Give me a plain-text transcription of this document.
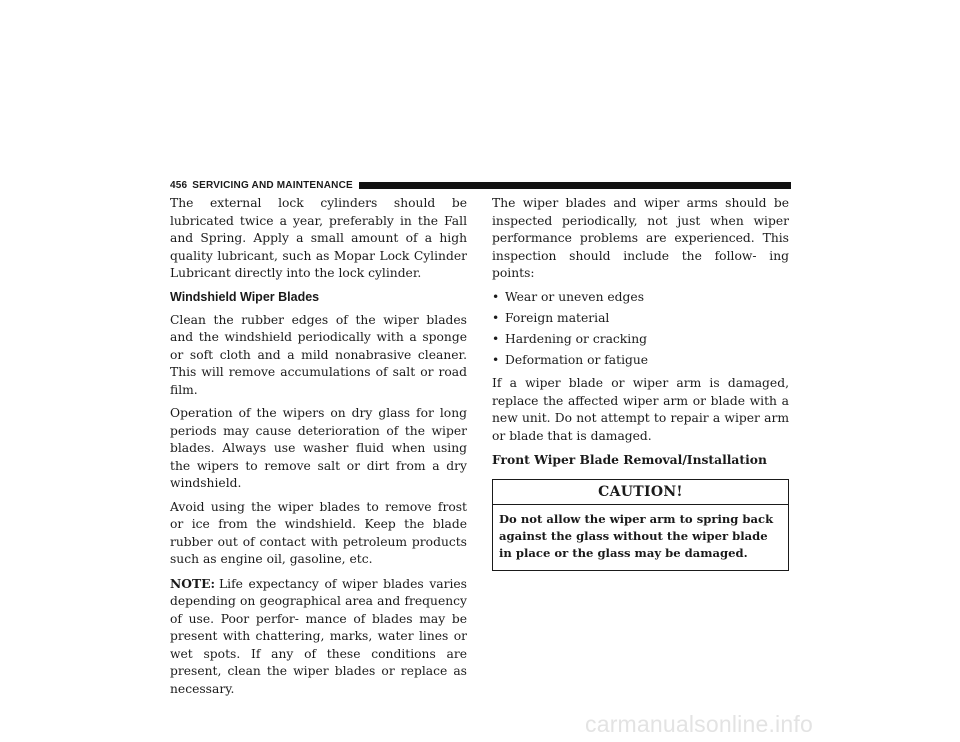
456 SERVICING AND MAINTENANCE

The external lock cylinders should be lubricated twice a year, preferably in the Fall and Spring. Apply a small amount of a high quality lubricant, such as Mopar Lock Cylinder Lubricant directly into the lock cylinder.

Windshield Wiper Blades

Clean the rubber edges of the wiper blades and the windshield periodically with a sponge or soft cloth and a mild nonabrasive cleaner. This will remove accumulations of salt or road film.

Operation of the wipers on dry glass for long periods may cause deterioration of the wiper blades. Always use washer fluid when using the wipers to remove salt or dirt from a dry windshield.

Avoid using the wiper blades to remove frost or ice from the windshield. Keep the blade rubber out of contact with petroleum products such as engine oil, gasoline, etc.

NOTE: Life expectancy of wiper blades varies depending on geographical area and frequency of use. Poor perfor- mance of blades may be present with chattering, marks, water lines or wet spots. If any of these conditions are present, clean the wiper blades or replace as necessary.

The wiper blades and wiper arms should be inspected periodically, not just when wiper performance problems are experienced. This inspection should include the follow- ing points:

• Wear or uneven edges
• Foreign material
• Hardening or cracking
• Deformation or fatigue

If a wiper blade or wiper arm is damaged, replace the affected wiper arm or blade with a new unit. Do not attempt to repair a wiper arm or blade that is damaged.

Front Wiper Blade Removal/Installation
CAUTION!
Do not allow the wiper arm to spring back against the glass without the wiper blade in place or the glass may be damaged.
carmanualsonline.info
